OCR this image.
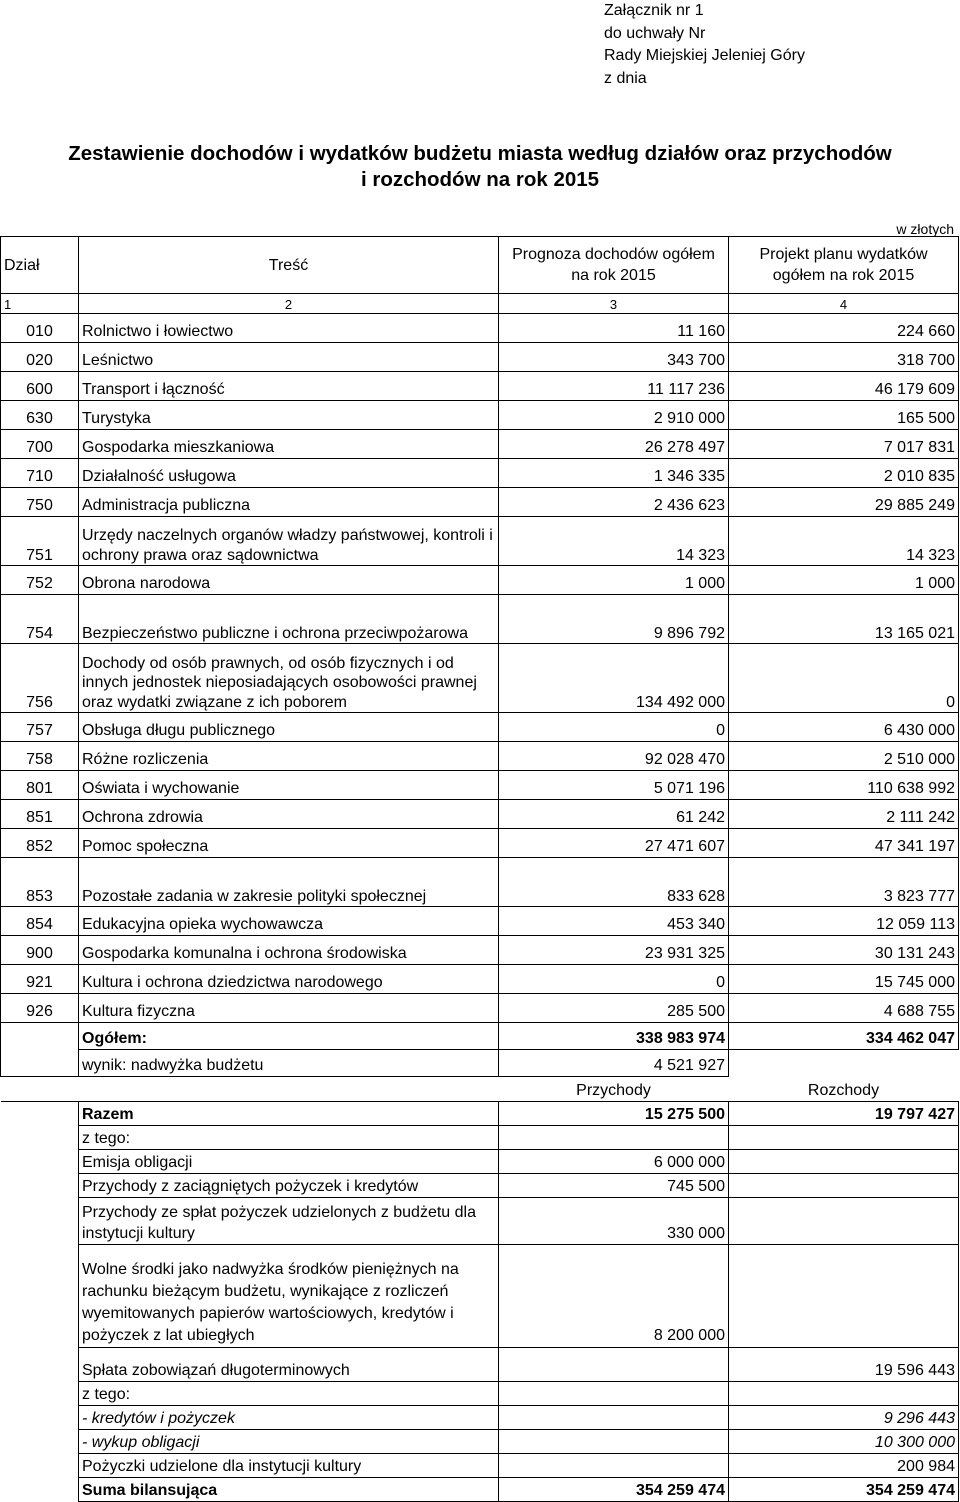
Załącznik nr 1
do uchwały Nr
Rady Miejskiej Jeleniej Góry
z dnia
Zestawienie dochodów i wydatków budżetu miasta według działów oraz przychodów
i rozchodów na rok 2015
w złotych
Dział	Treść	Prognoza dochodów ogółem na rok 2015	Projekt planu wydatków ogółem na rok 2015
1	2	3	4
010	Rolnictwo i łowiectwo	11 160	224 660
020	Leśnictwo	343 700	318 700
600	Transport i łączność	11 117 236	46 179 609
630	Turystyka	2 910 000	165 500
700	Gospodarka mieszkaniowa	26 278 497	7 017 831
710	Działalność usługowa	1 346 335	2 010 835
750	Administracja publiczna	2 436 623	29 885 249
751	Urzędy naczelnych organów władzy państwowej, kontroli i ochrony prawa oraz sądownictwa	14 323	14 323
752	Obrona narodowa	1 000	1 000
754	Bezpieczeństwo publiczne i ochrona przeciwpożarowa	9 896 792	13 165 021
756	Dochody od osób prawnych, od osób fizycznych i od innych jednostek nieposiadających osobowości prawnej oraz wydatki związane z ich poborem	134 492 000	0
757	Obsługa długu publicznego	0	6 430 000
758	Różne rozliczenia	92 028 470	2 510 000
801	Oświata i wychowanie	5 071 196	110 638 992
851	Ochrona zdrowia	61 242	2 111 242
852	Pomoc społeczna	27 471 607	47 341 197
853	Pozostałe zadania w zakresie polityki społecznej	833 628	3 823 777
854	Edukacyjna opieka wychowawcza	453 340	12 059 113
900	Gospodarka komunalna i ochrona środowiska	23 931 325	30 131 243
921	Kultura i ochrona dziedzictwa narodowego	0	15 745 000
926	Kultura fizyczna	285 500	4 688 755
	Ogółem:	338 983 974	334 462 047
	wynik: nadwyżka budżetu	4 521 927	
		Przychody	Rozchody
	Razem	15 275 500	19 797 427
	z tego:		
	Emisja obligacji	6 000 000	
	Przychody z zaciągniętych pożyczek i kredytów	745 500	
	Przychody ze spłat pożyczek udzielonych z budżetu dla instytucji kultury	330 000	

	Wolne środki jako nadwyżka środków pieniężnych na rachunku bieżącym budżetu, wynikające z rozliczeń wyemitowanych papierów wartościowych, kredytów i pożyczek z lat ubiegłych	8 200 000	

	Spłata zobowiązań długoterminowych		19 596 443
	z tego:		
	- kredytów i pożyczek		9 296 443
	- wykup obligacji		10 300 000
	Pożyczki udzielone dla instytucji kultury		200 984
	Suma bilansująca	354 259 474	354 259 474
